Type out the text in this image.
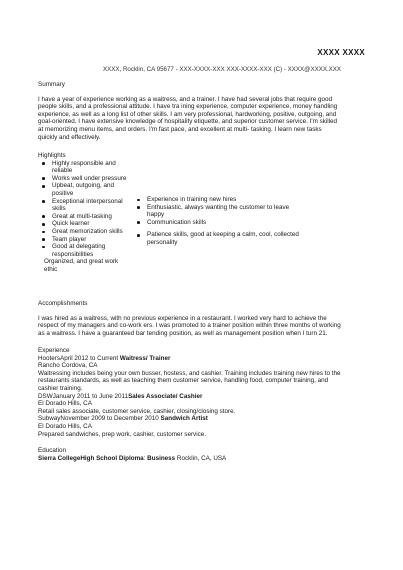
XXXX XXXX
XXXX, Rocklin, CA 95677 - XXX-XXXX-XXX XXX-XXXX-XXX (C) - XXXX@XXXX.XXX

Summary

I have a year of experience working as a waitress, and a trainer. I have had several jobs that require good

people skills, and a professional attitude. I have tra ining experience, computer experience, money handling

experience, as well as a long list of other skills. I am very professional, hardworking, positive, outgoing, and

goal-oriented. I have extensive knowledge of hospitality etiquette, and superior customer service. I'm skilled

at memorizing menu items, and orders. I'm fast pace, and excellent at multi- tasking. I learn new tasks

quickly and effectively.

Highlights

Highly responsible and reliable
Works well under pressure
Upbeat, outgoing, and positive
Exceptional interpersonal skills
Great at multi-tasking
Quick learner
Great memorization skills
Team player
Good at delegating responsibilities

Organized, and great work ethic

Experience in training new hires
Enthusiastic, always wanting the customer to leave happy
Communication skills
Patience skills, good at keeping a calm, cool, collected personality

Accomplishments

I was hired as a waitress, with no previous experience in a restaurant. I worked very hard to achieve the

respect of my managers and co-work ers. I was promoted to a trainer position within three months of working

as a waitress. I have a guaranteed bar tending position, as well as management position when I turn 21.

Experience

HootersApril 2012 to Current Waitress/ Trainer

Rancho Cordova, CA

Waitressing includes being your own busser, hostess, and cashier. Training includes training new hires to the

restaurants standards, as well as teaching them customer service, handling food, computer training, and

cashier training.

DSWJanuary 2011 to June 2011Sales Associate/ Cashier

El Dorado Hills, CA

Retail sales associate, customer service, cashier, closing/closing store.

SubwayNovember 2009 to December 2010 Sandwich Artist

El Dorado Hills, CA

Prepared sandwiches, prep work, cashier, customer service.

Education

Sierra CollegeHigh School Diploma: Business Rocklin, CA, USA
